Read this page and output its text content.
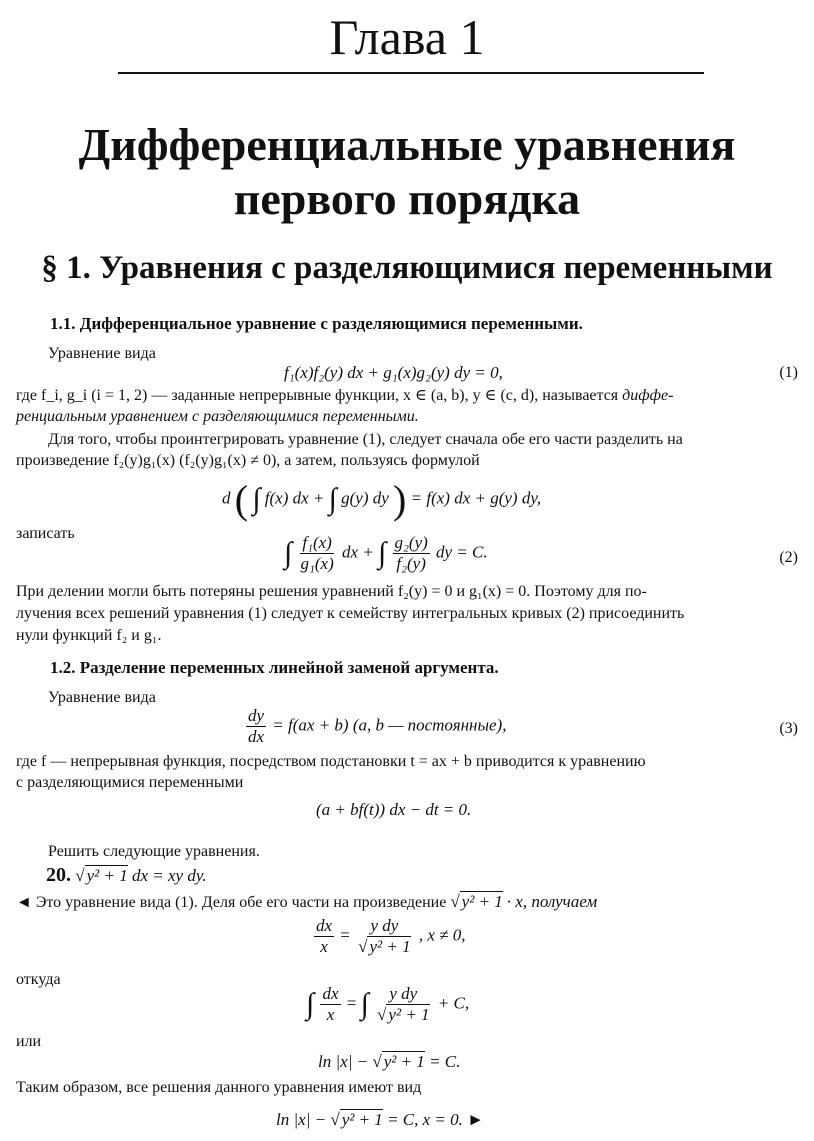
Глава 1
Дифференциальные уравнения
первого порядка
§ 1. Уравнения с разделяющимися переменными
1.1. Дифференциальное уравнение с разделяющимися переменными.
Уравнение вида
f₁(x)f₂(y) dx + g₁(x)g₂(y) dy = 0,	(1)
где f_i, g_i (i = 1, 2) — заданные непрерывные функции, x ∈ (a, b), y ∈ (c, d), называется диффе-
ренциальным уравнением с разделяющимися переменными.
Для того, чтобы проинтегрировать уравнение (1), следует сначала обе его части разделить на
произведение f₂(y)g₁(x) (f₂(y)g₁(x) ≠ 0), а затем, пользуясь формулой
d ( ∫ f(x) dx + ∫ g(y) dy ) = f(x) dx + g(y) dy,
записать
∫ $\frac{\text{f₁(x)}}{\text{g₁(x)}}$ dx + ∫ $\frac{\text{g₂(y)}}{\text{f₂(y)}}$ dy = C.	(2)
При делении могли быть потеряны решения уравнений f₂(y) = 0 и g₁(x) = 0. Поэтому для по-
лучения всех решений уравнения (1) следует к семейству интегральных кривых (2) присоединить
нули функций f₂ и g₁.
1.2. Разделение переменных линейной заменой аргумента.
Уравнение вида
$\frac{dy}{dx} = f(ax + b)$ (a, b — постоянные),	(3)
где f — непрерывная функция, посредством подстановки t = ax + b приводится к уравнению
с разделяющимися переменными
(a + bf(t)) dx − dt = 0.
Решить следующие уравнения.
20. √ y² + 1 dx = xy dy.
◄ Это уравнение вида (1). Деля обе его части на произведение √ y² + 1 · x, получаем
$\frac{dx}{x} = \frac{\text{y dy}}{\text{√ y² + 1}}$ , x ≠ 0,
откуда
∫ $\frac{dx}{x}$ = ∫ $\frac{\text{y dy}}{\text{√ y² + 1}} + C$,
или
ln |x| − √ y² + 1 = C.
Таким образом, все решения данного уравнения имеют вид
ln |x| − √ y² + 1 = C, x = 0. ►
